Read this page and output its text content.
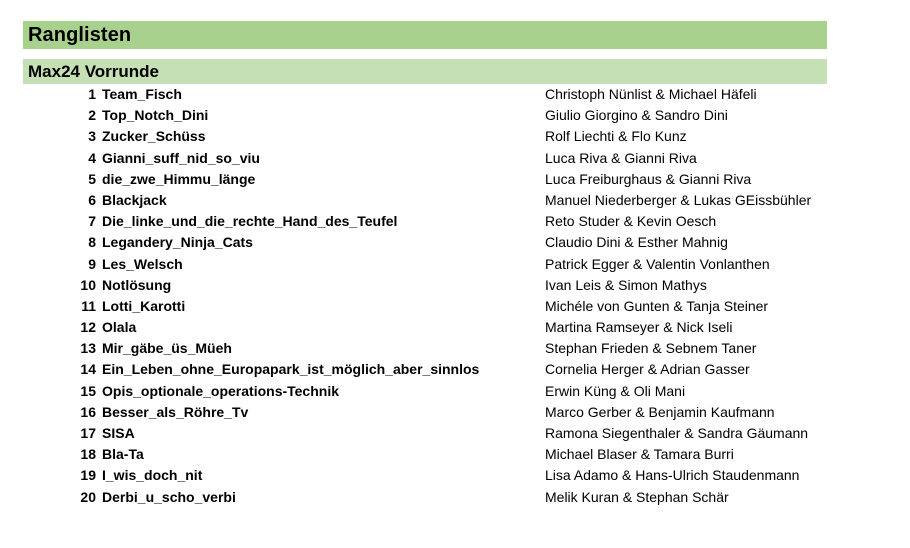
Ranglisten
Max24 Vorrunde
1 Team_Fisch	Christoph Nünlist & Michael Häfeli
2 Top_Notch_Dini	Giulio Giorgino & Sandro Dini
3 Zucker_Schüss	Rolf Liechti & Flo Kunz
4 Gianni_suff_nid_so_viu	Luca Riva & Gianni Riva
5 die_zwe_Himmu_länge	Luca Freiburghaus & Gianni Riva
6 Blackjack	Manuel Niederberger & Lukas GEissbühler
7 Die_linke_und_die_rechte_Hand_des_Teufel	Reto Studer & Kevin Oesch
8 Legandery_Ninja_Cats	Claudio Dini & Esther Mahnig
9 Les_Welsch	Patrick Egger & Valentin Vonlanthen
10 Notlösung	Ivan Leis & Simon Mathys
11 Lotti_Karotti	Michéle von Gunten & Tanja Steiner
12 Olala	Martina Ramseyer & Nick Iseli
13 Mir_gäbe_üs_Müeh	Stephan Frieden & Sebnem Taner
14 Ein_Leben_ohne_Europapark_ist_möglich_aber_sinnlos	Cornelia Herger & Adrian Gasser
15 Opis_optionale_operations-Technik	Erwin Küng & Oli Mani
16 Besser_als_Röhre_Tv	Marco Gerber & Benjamin Kaufmann
17 SISA	Ramona Siegenthaler & Sandra Gäumann
18 Bla-Ta	Michael Blaser & Tamara Burri
19 I_wis_doch_nit	Lisa Adamo & Hans-Ulrich Staudenmann
20 Derbi_u_scho_verbi	Melik Kuran & Stephan Schär
